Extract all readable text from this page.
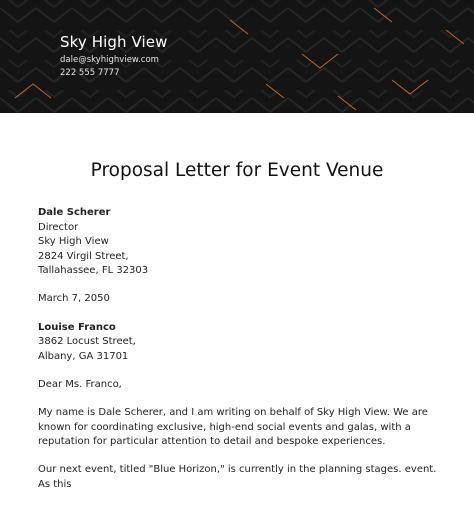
Sky High View
dale@skyhighview.com
222 555 7777
Proposal Letter for Event Venue
Dale Scherer
Director
Sky High View
2824 Virgil Street,
Tallahassee, FL 32303
March 7, 2050
Louise Franco
3862 Locust Street,
Albany, GA 31701
Dear Ms. Franco,

My name is Dale Scherer, and I am writing on behalf of Sky High View. We are known for coordinating exclusive, high-end social events and galas, with a reputation for particular attention to detail and bespoke experiences.

Our next event, titled "Blue Horizon," is currently in the planning stages. event. As this
